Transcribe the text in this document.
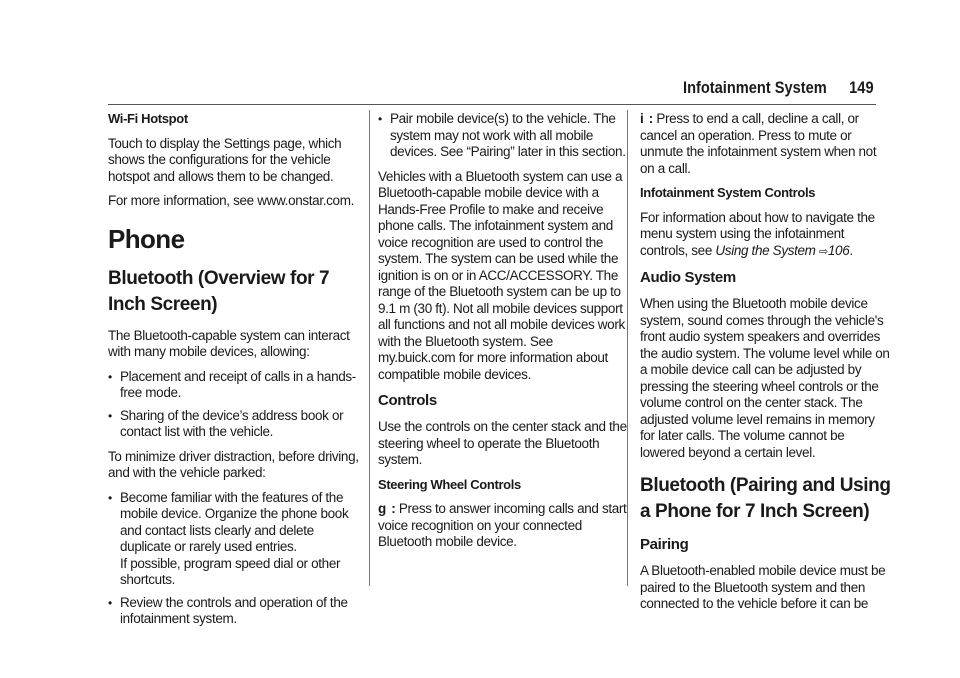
Infotainment System 149
Wi-Fi Hotspot

Touch to display the Settings page, which shows the configurations for the vehicle hotspot and allows them to be changed.

For more information, see www.onstar.com.

Phone
Bluetooth (Overview for 7 Inch Screen)

The Bluetooth-capable system can interact with many mobile devices, allowing:

• Placement and receipt of calls in a hands-free mode.
• Sharing of the device’s address book or contact list with the vehicle.

To minimize driver distraction, before driving, and with the vehicle parked:

• Become familiar with the features of the mobile device. Organize the phone book and contact lists clearly and delete duplicate or rarely used entries.
If possible, program speed dial or other shortcuts.
• Review the controls and operation of the infotainment system.
• Pair mobile device(s) to the vehicle. The system may not work with all mobile devices. See “Pairing” later in this section.

Vehicles with a Bluetooth system can use a Bluetooth-capable mobile device with a Hands-Free Profile to make and receive phone calls. The infotainment system and voice recognition are used to control the system. The system can be used while the ignition is on or in ACC/ACCESSORY. The range of the Bluetooth system can be up to 9.1 m (30 ft). Not all mobile devices support all functions and not all mobile devices work with the Bluetooth system. See my.buick.com for more information about compatible mobile devices.

Controls

Use the controls on the center stack and the steering wheel to operate the Bluetooth system.

Steering Wheel Controls

g : Press to answer incoming calls and start voice recognition on your connected Bluetooth mobile device.

i : Press to end a call, decline a call, or cancel an operation. Press to mute or unmute the infotainment system when not on a call.

Infotainment System Controls

For information about how to navigate the menu system using the infotainment controls, see Using the System ⇨106.

Audio System

When using the Bluetooth mobile device system, sound comes through the vehicle's front audio system speakers and overrides the audio system. The volume level while on a mobile device call can be adjusted by pressing the steering wheel controls or the volume control on the center stack. The adjusted volume level remains in memory for later calls. The volume cannot be lowered beyond a certain level.

Bluetooth (Pairing and Using a Phone for 7 Inch Screen)
Pairing

A Bluetooth-enabled mobile device must be paired to the Bluetooth system and then connected to the vehicle before it can be
